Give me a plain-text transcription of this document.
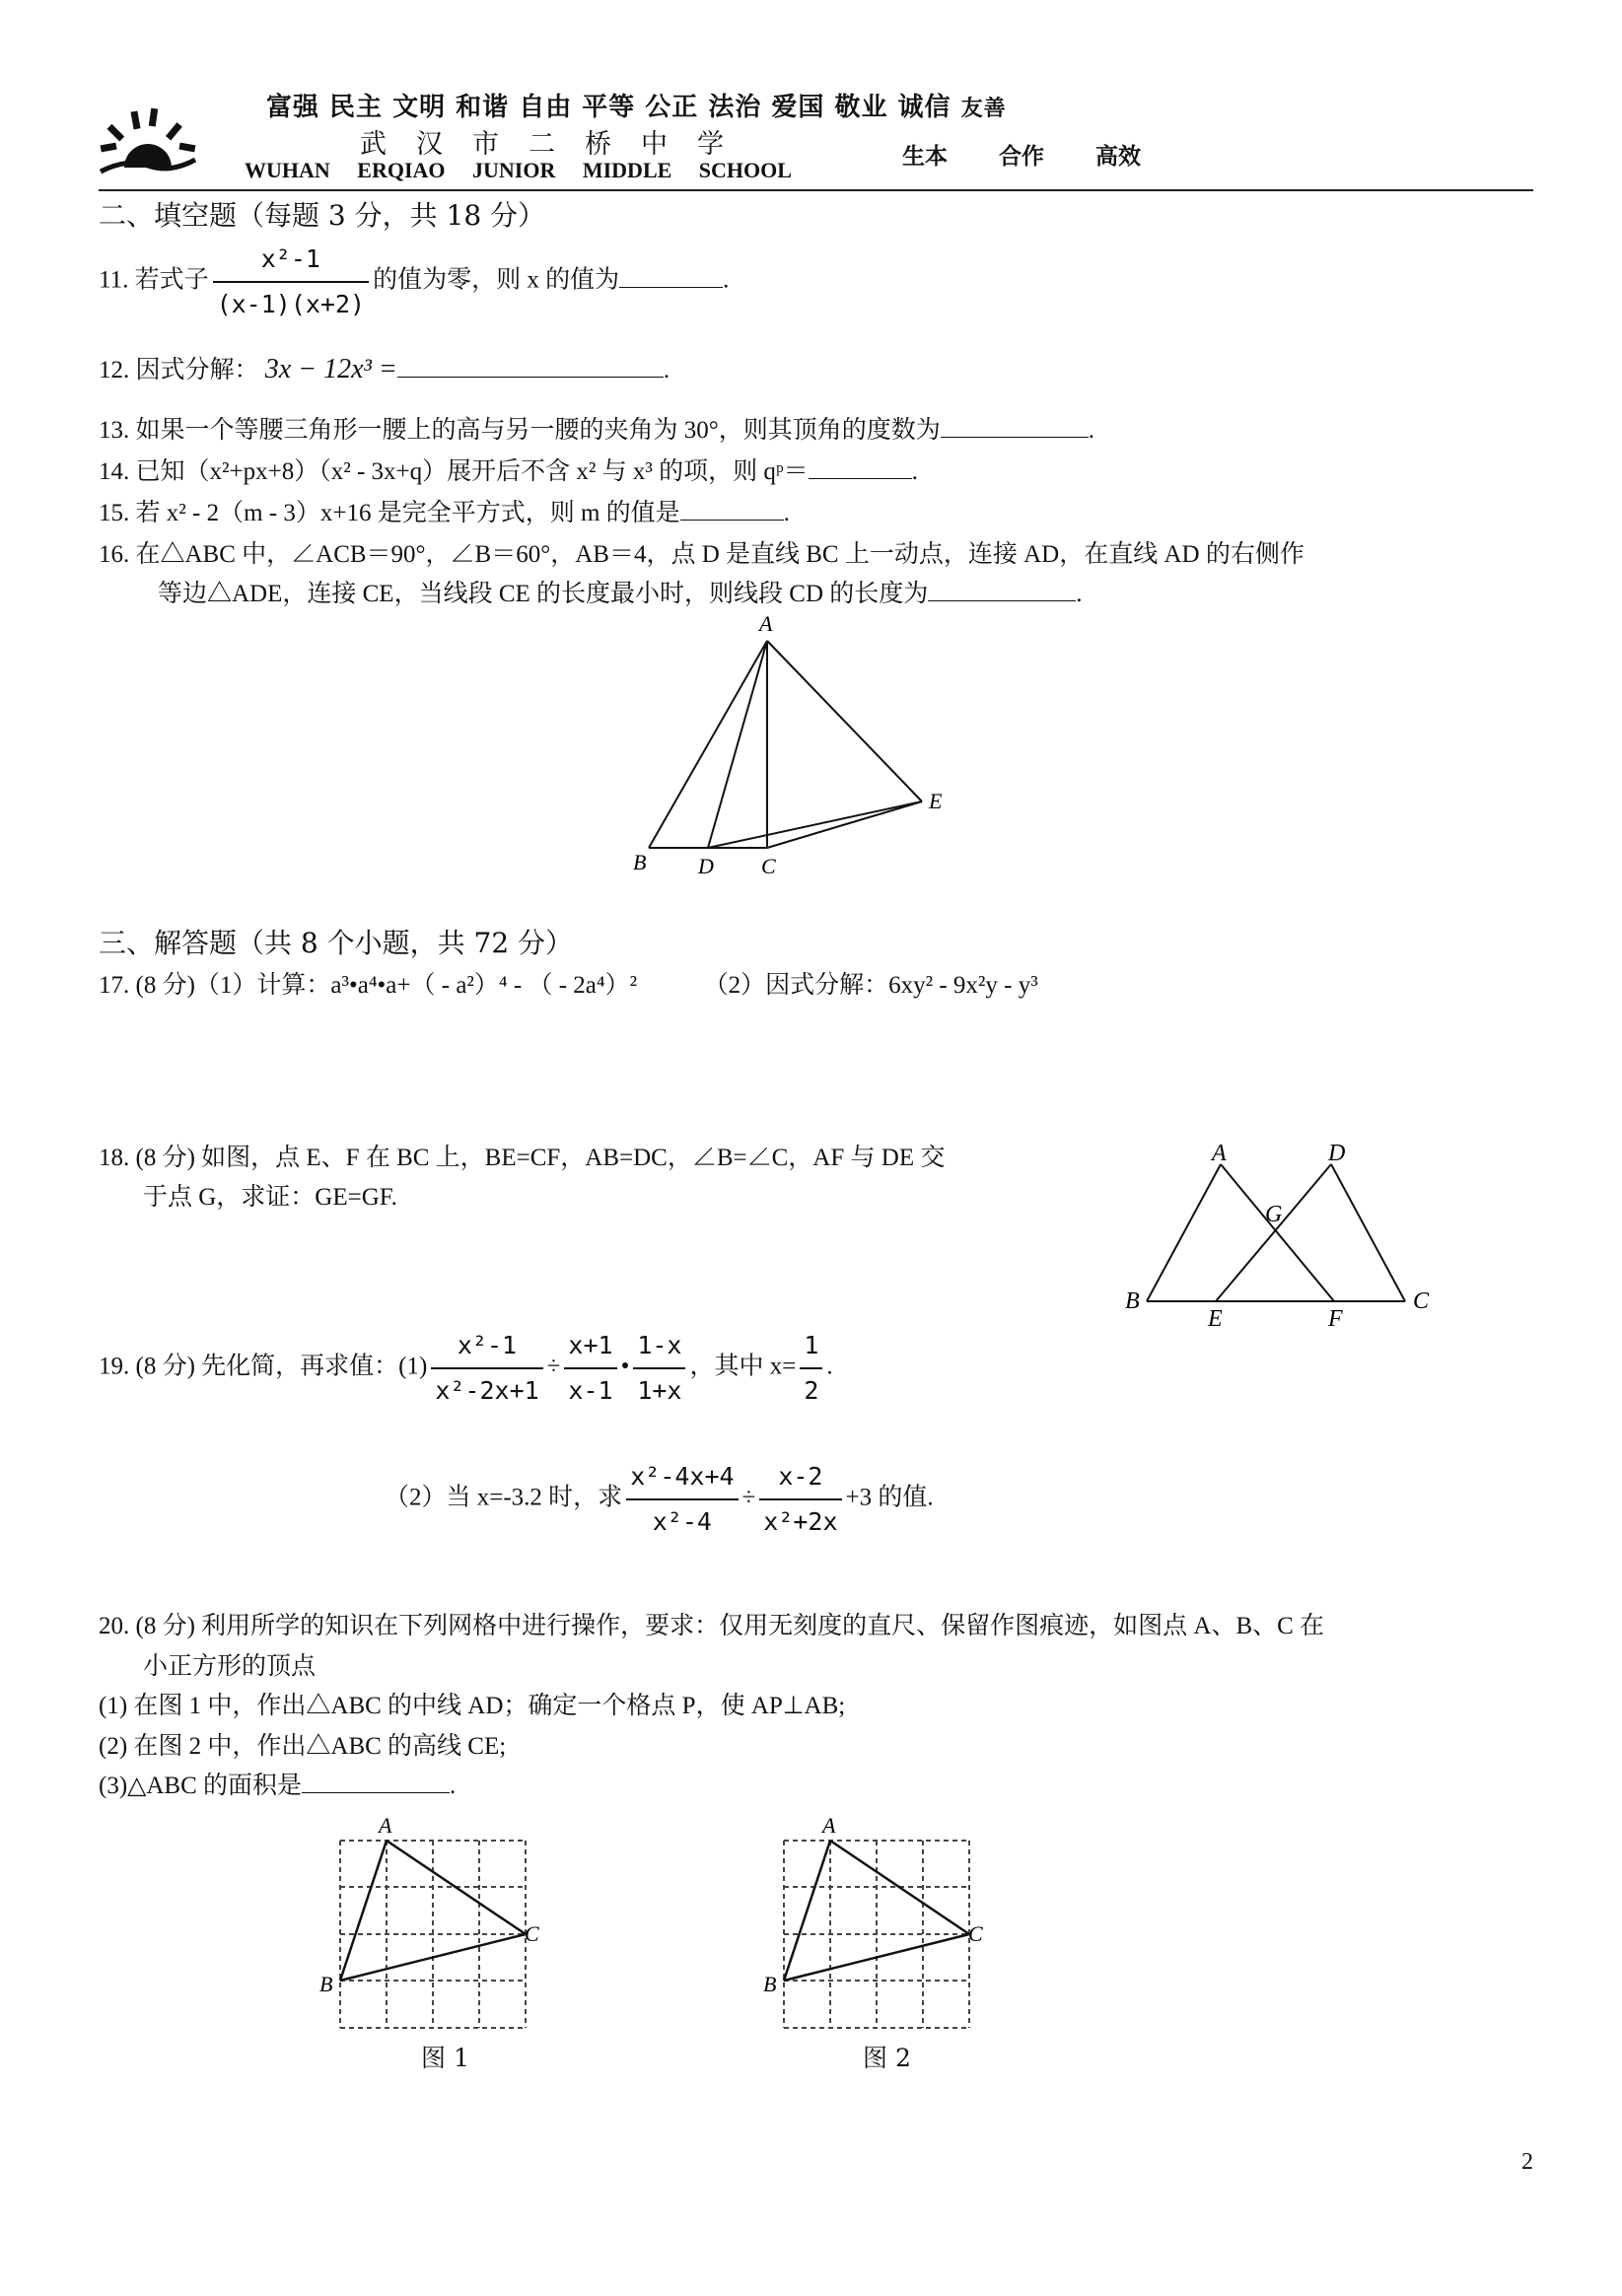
富强 民主 文明 和谐 自由 平等 公正 法治 爱国 敬业 诚信 友善
武汉市二桥中学
WUHAN ERQIAO JUNIOR MIDDLE SCHOOL
生本 合作 高效
二、填空题（每题 3 分，共 18 分）
11. 若式子 $\frac{\text{x²-1}}{(x-1)(x+2)}$ 的值为零，则 x 的值为	.
12. 因式分解： 3x − 12x³ =	.
13. 如果一个等腰三角形一腰上的高与另一腰的夹角为 30°，则其顶角的度数为	.
14. 已知（x²+px+8）（x² - 3x+q）展开后不含 x² 与 x³ 的项，则 qᵖ＝	.
15. 若 x² - 2（m - 3）x+16 是完全平方式，则 m 的值是	.
16. 在△ABC 中，∠ACB＝90°，∠B＝60°，AB＝4，点 D 是直线 BC 上一动点，连接 AD，在直线 AD 的右侧作
等边△ADE，连接 CE，当线段 CE 的长度最小时，则线段 CD 的长度为	.
A
B D C
E
三、解答题（共 8 个小题，共 72 分）
17. (8 分)（1）计算：a³•a⁴•a+（ - a²）⁴ - （ - 2a⁴）²	（2）因式分解：6xy² - 9x²y - y³
18. (8 分) 如图，点 E、F 在 BC 上，BE=CF，AB=DC，∠B=∠C，AF 与 DE 交
于点 G，求证：GE=GF.
A	D
G
B
E	F
C
19. (8 分) 先化简，再求值：$(1) \frac{\text{x²-1}}{\text{x²-2x+1}} \div \frac{x+1}{x-1}$ • $\frac{1-x}{1+x}$ ，其中 $x= \frac{1}{2}$ .
（2）当 x=-3.2 时，求 $\frac{\text{x²-4x+4}}{\text{x²-4}} \div \frac{x-2}{\text{x²+2x}} +3$ 的值.
20. (8 分) 利用所学的知识在下列网格中进行操作，要求：仅用无刻度的直尺、保留作图痕迹，如图点 A、B、C 在
小正方形的顶点
(1) 在图 1 中，作出△ABC 的中线 AD；确定一个格点 P，使 AP⊥AB;
(2) 在图 2 中，作出△ABC 的高线 CE;
(3)△ABC 的面积是	.
A
B
C
图 1
A
B
C
图 2
2
